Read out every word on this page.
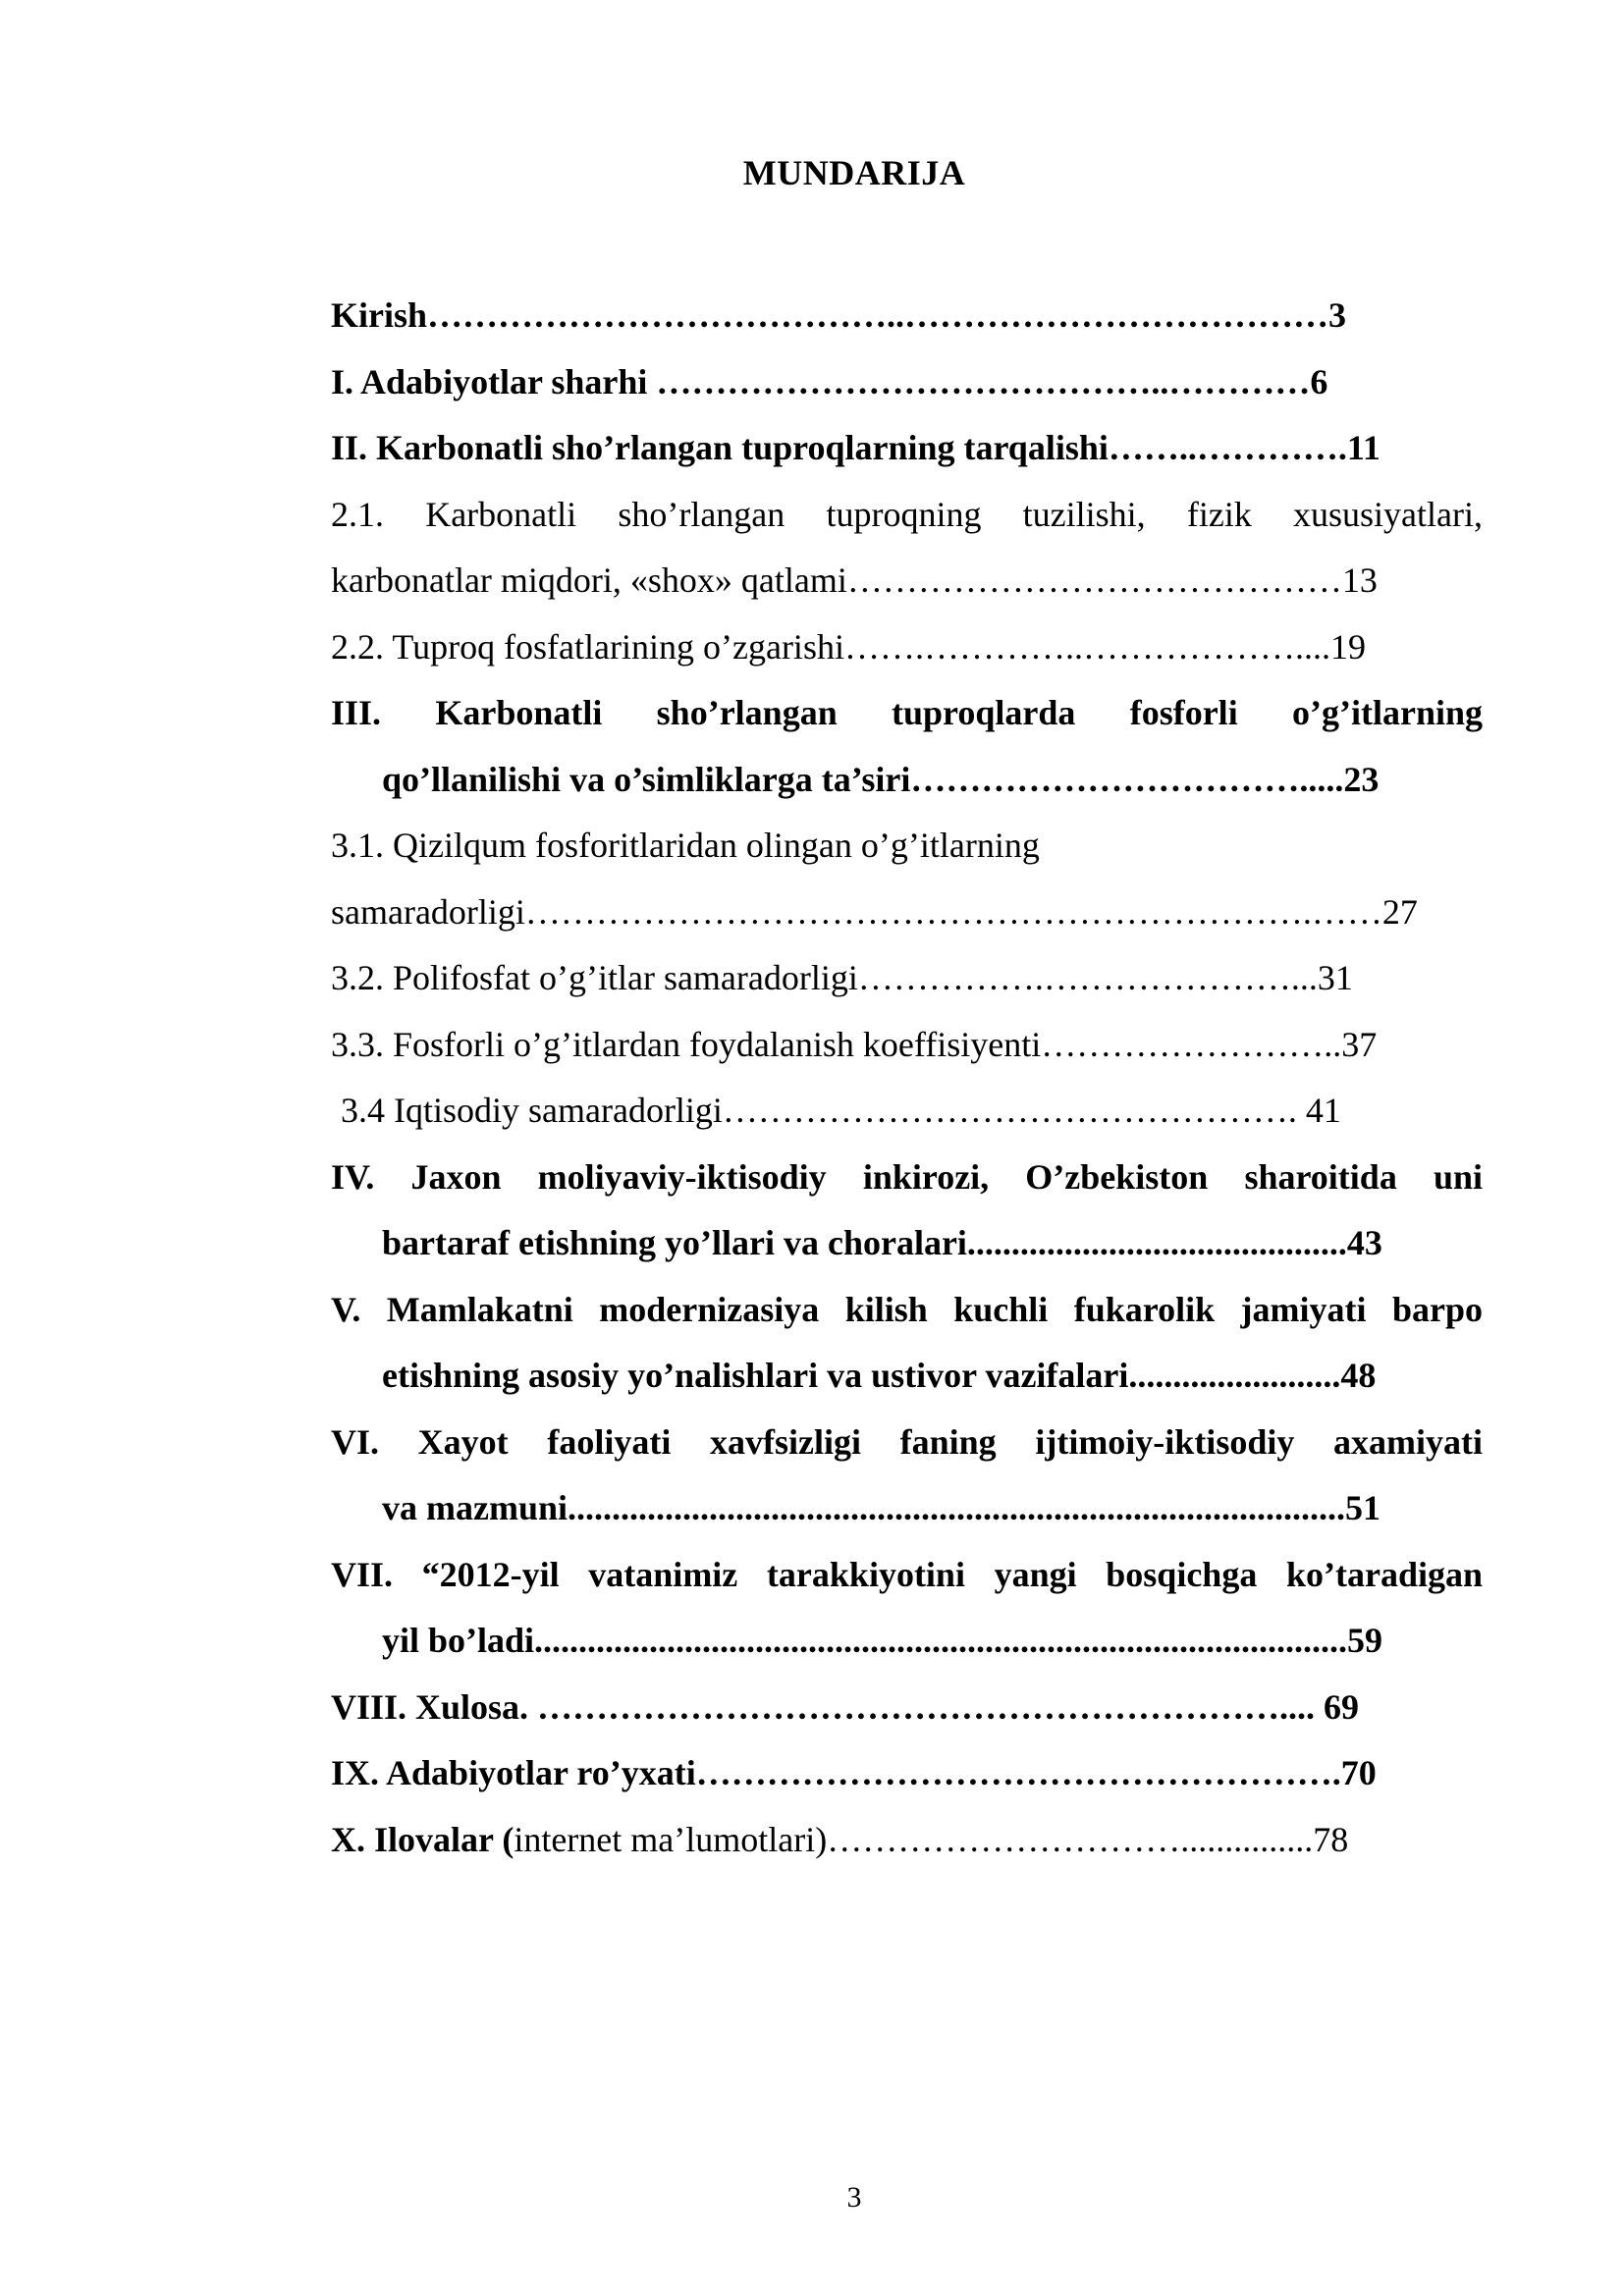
MUNDARIJA
Kirish…………………………………..………………………………3
I. Adabiyotlar sharhi ……………………………………..…………6
II. Karbonatli sho’rlangan tuproqlarning tarqalishi……..………….11
2.1. Karbonatli sho’rlangan tuproqning tuzilishi, fizik xususiyatlari,
karbonatlar miqdori, «shox» qatlami……………………………………13
2.2. Tuproq fosfatlarining o’zgarishi…….…………..………………....19
III. Karbonatli sho’rlangan tuproqlarda fosforli o’g’itlarning
qo’llanilishi va o’simliklarga ta’siri…………………………….....23
3.1. Qizilqum fosforitlaridan olingan o’g’itlarning
samaradorligi………………………………………………………….……27
3.2. Polifosfat o’g’itlar samaradorligi…………….…………………...31
3.3. Fosforli o’g’itlardan foydalanish koeffisiyenti……………………..37
3.4 Iqtisodiy samaradorligi…………………………………………. 41
IV. Jaxon moliyaviy-iktisodiy inkirozi, O’zbekiston sharoitida uni
bartaraf etishning yo’llari va choralari...........................................43
V. Mamlakatni modernizasiya kilish kuchli fukarolik jamiyati barpo
etishning asosiy yo’nalishlari va ustivor vazifalari........................48
VI. Xayot faoliyati xavfsizligi faning ijtimoiy-iktisodiy axamiyati
va mazmuni........................................................................................51
VII. “2012-yil vatanimiz tarakkiyotini yangi bosqichga ko’taradigan
yil bo’ladi............................................................................................59
VIII. Xulosa. ……………………………………………………….... 69
IX. Adabiyotlar ro’yxati……………………………………………….70
X. Ilovalar (internet ma’lumotlari)…………………………...............78
3
